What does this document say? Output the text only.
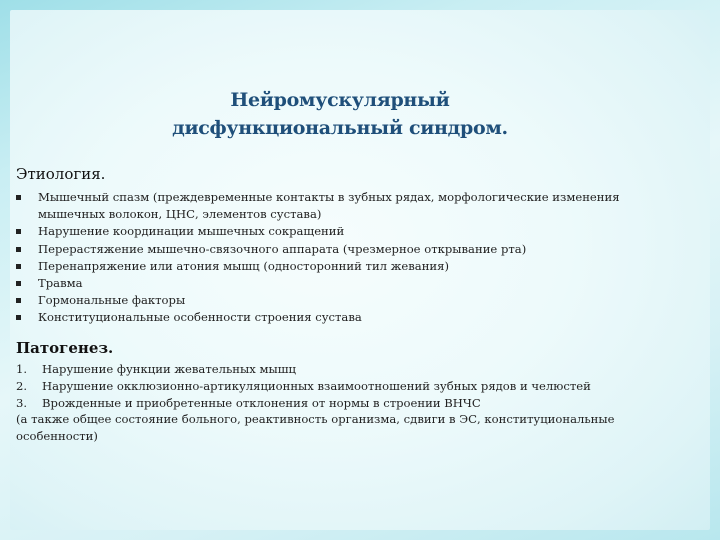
Нейромускулярный
дисфункциональный синдром.
Этиология.
Мышечный спазм (преждевременные контакты в зубных рядах, морфологические изменения
мышечных волокон, ЦНС, элементов сустава)
Нарушение координации мышечных сокращений
Перерастяжение мышечно-связочного аппарата (чрезмерное открывание рта)
Перенапряжение или атония мышц (односторонний тил жевания)
Травма
Гормональные факторы
Конституциональные особенности строения сустава
Патогенез.
1. Нарушение функции жевательных мышц
2. Нарушение окклюзионно-артикуляционных взаимоотношений зубных рядов и челюстей
3. Врожденные и приобретенные отклонения от нормы в строении ВНЧС
(а также общее состояние больного, реактивность организма, сдвиги в ЭС, конституциональные особенности)
